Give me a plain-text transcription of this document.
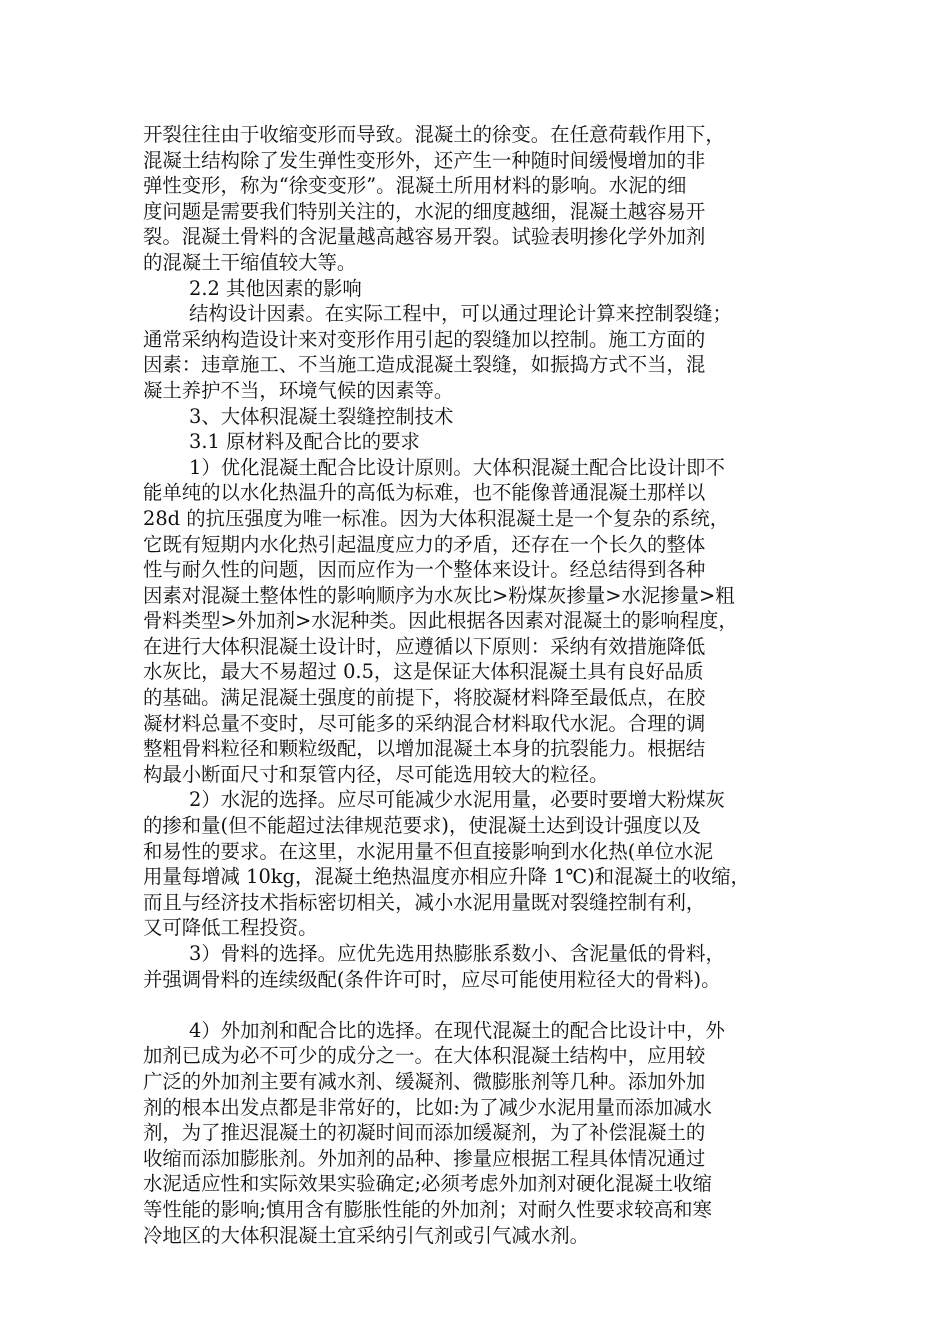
开裂往往由于收缩变形而导致。混凝土的徐变。在任意荷载作用下，
混凝土结构除了发生弹性变形外，还产生一种随时间缓慢增加的非
弹性变形，称为“徐变变形”。混凝土所用材料的影响。水泥的细
度问题是需要我们特别关注的，水泥的细度越细，混凝土越容易开
裂。混凝土骨料的含泥量越高越容易开裂。试验表明掺化学外加剂
的混凝土干缩值较大等。
2.2 其他因素的影响
结构设计因素。在实际工程中，可以通过理论计算来控制裂缝；
通常采纳构造设计来对变形作用引起的裂缝加以控制。施工方面的
因素：违章施工、不当施工造成混凝土裂缝，如振捣方式不当，混
凝土养护不当，环境气候的因素等。
3、大体积混凝土裂缝控制技术
3.1 原材料及配合比的要求
1）优化混凝土配合比设计原则。大体积混凝土配合比设计即不
能单纯的以水化热温升的高低为标难，也不能像普通混凝土那样以
28d 的抗压强度为唯一标准。因为大体积混凝土是一个复杂的系统，
它既有短期内水化热引起温度应力的矛盾，还存在一个长久的整体
性与耐久性的问题，因而应作为一个整体来设计。经总结得到各种
因素对混凝土整体性的影响顺序为水灰比>粉煤灰掺量>水泥掺量>粗
骨料类型>外加剂>水泥种类。因此根据各因素对混凝土的影响程度，
在进行大体积混凝土设计时，应遵循以下原则：采纳有效措施降低
水灰比，最大不易超过 0.5，这是保证大体积混凝土具有良好品质
的基础。满足混凝土强度的前提下，将胶凝材料降至最低点，在胶
凝材料总量不变时，尽可能多的采纳混合材料取代水泥。合理的调
整粗骨料粒径和颗粒级配，以增加混凝土本身的抗裂能力。根据结
构最小断面尺寸和泵管内径，尽可能选用较大的粒径。
2）水泥的选择。应尽可能减少水泥用量，必要时要增大粉煤灰
的掺和量(但不能超过法律规范要求)，使混凝土达到设计强度以及
和易性的要求。在这里，水泥用量不但直接影响到水化热(单位水泥
用量每增减 10kg，混凝土绝热温度亦相应升降 1℃)和混凝土的收缩，
而且与经济技术指标密切相关，减小水泥用量既对裂缝控制有利，
又可降低工程投资。
3）骨料的选择。应优先选用热膨胀系数小、含泥量低的骨料，
并强调骨料的连续级配(条件许可时，应尽可能使用粒径大的骨料)。
4）外加剂和配合比的选择。在现代混凝土的配合比设计中，外
加剂已成为必不可少的成分之一。在大体积混凝土结构中，应用较
广泛的外加剂主要有减水剂、缓凝剂、微膨胀剂等几种。添加外加
剂的根本出发点都是非常好的，比如:为了减少水泥用量而添加减水
剂，为了推迟混凝土的初凝时间而添加缓凝剂，为了补偿混凝土的
收缩而添加膨胀剂。外加剂的品种、掺量应根据工程具体情况通过
水泥适应性和实际效果实验确定;必须考虑外加剂对硬化混凝土收缩
等性能的影响;慎用含有膨胀性能的外加剂；对耐久性要求较高和寒
冷地区的大体积混凝土宜采纳引气剂或引气减水剂。
